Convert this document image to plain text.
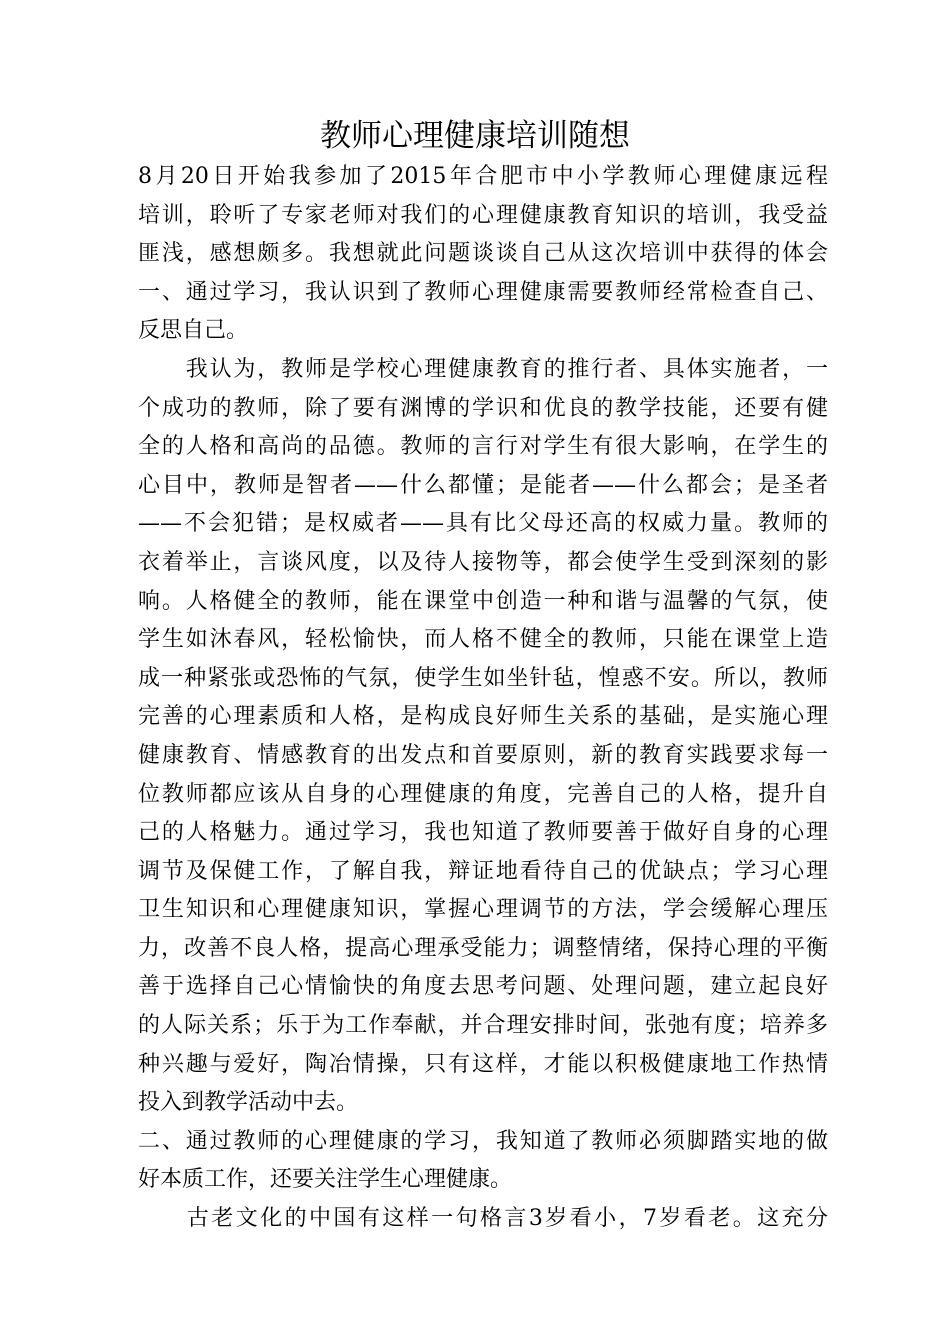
教师心理健康培训随想
8月20日开始我参加了2015年合肥市中小学教师心理健康远程
培训，聆听了专家老师对我们的心理健康教育知识的培训，我受益
匪浅，感想颇多。我想就此问题谈谈自己从这次培训中获得的体会
一、通过学习，我认识到了教师心理健康需要教师经常检查自己、
反思自己。
　　我认为，教师是学校心理健康教育的推行者、具体实施者，一
个成功的教师，除了要有渊博的学识和优良的教学技能，还要有健
全的人格和高尚的品德。教师的言行对学生有很大影响，在学生的
心目中，教师是智者——什么都懂；是能者——什么都会；是圣者
——不会犯错；是权威者——具有比父母还高的权威力量。教师的
衣着举止，言谈风度，以及待人接物等，都会使学生受到深刻的影
响。人格健全的教师，能在课堂中创造一种和谐与温馨的气氛，使
学生如沐春风，轻松愉快，而人格不健全的教师，只能在课堂上造
成一种紧张或恐怖的气氛，使学生如坐针毡，惶惑不安。所以，教师
完善的心理素质和人格，是构成良好师生关系的基础，是实施心理
健康教育、情感教育的出发点和首要原则，新的教育实践要求每一
位教师都应该从自身的心理健康的角度，完善自己的人格，提升自
己的人格魅力。通过学习，我也知道了教师要善于做好自身的心理
调节及保健工作，了解自我，辩证地看待自己的优缺点；学习心理
卫生知识和心理健康知识，掌握心理调节的方法，学会缓解心理压
力，改善不良人格，提高心理承受能力；调整情绪，保持心理的平衡
善于选择自己心情愉快的角度去思考问题、处理问题，建立起良好
的人际关系；乐于为工作奉献，并合理安排时间，张弛有度；培养多
种兴趣与爱好，陶冶情操，只有这样，才能以积极健康地工作热情
投入到教学活动中去。
二、通过教师的心理健康的学习，我知道了教师必须脚踏实地的做
好本质工作，还要关注学生心理健康。
　　古老文化的中国有这样一句格言3岁看小，7岁看老。这充分
